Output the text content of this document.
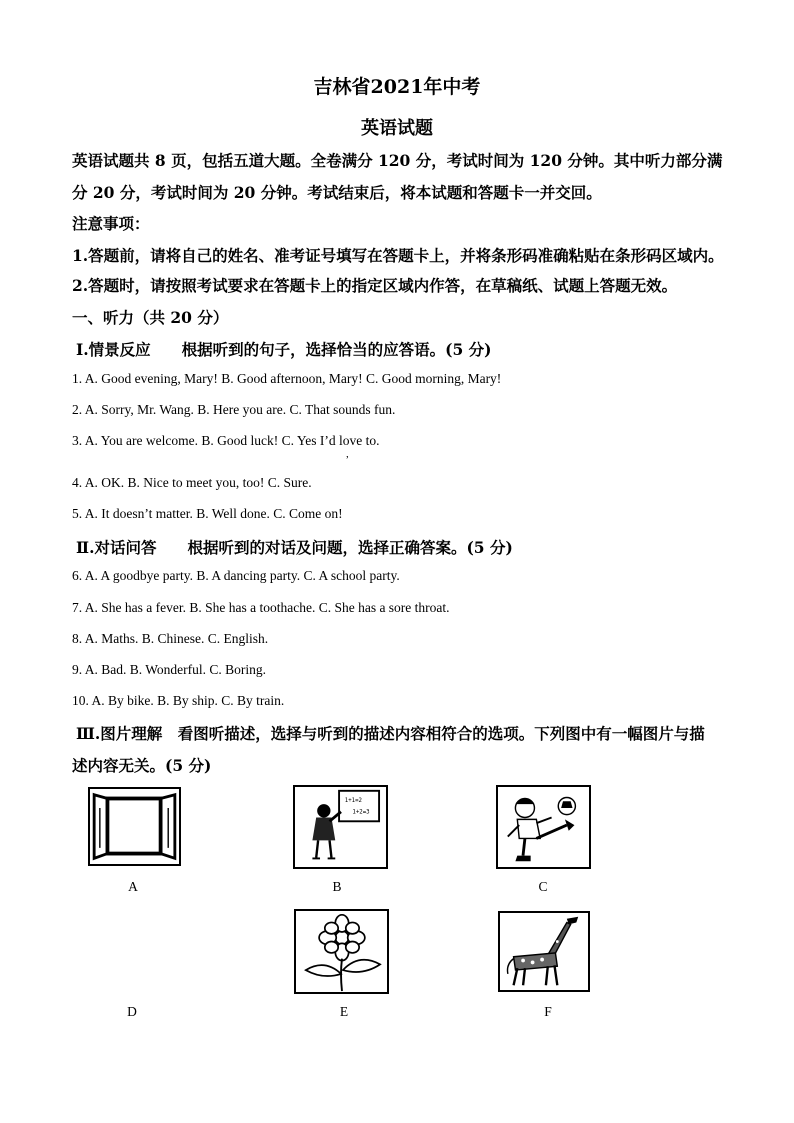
吉林省2021年中考
英语试题
英语试题共 8 页，包括五道大题。全卷满分 120 分，考试时间为 120 分钟。其中听力部分满
分 20 分，考试时间为 20 分钟。考试结束后，将本试题和答题卡一并交回。
注意事项：
1.答题前，请将自己的姓名、准考证号填写在答题卡上，并将条形码准确粘贴在条形码区域内。
2.答题时，请按照考试要求在答题卡上的指定区域内作答，在草稿纸、试题上答题无效。
一、听力（共 20 分）
Ⅰ.情景反应　　根据听到的句子，选择恰当的应答语。(5 分)
1. A. Good evening, Mary! B. Good afternoon, Mary! C. Good morning, Mary!
2. A. Sorry, Mr. Wang. B. Here you are. C. That sounds fun.
3. A. You are welcome. B. Good luck! C. Yes I’d love to.
,
4. A. OK. B. Nice to meet you, too! C. Sure.
5. A. It doesn’t matter. B. Well done. C. Come on!
Ⅱ.对话问答　　根据听到的对话及问题，选择正确答案。(5 分)
6. A. A goodbye party. B. A dancing party. C. A school party.
7. A. She has a fever. B. She has a toothache. C. She has a sore throat.
8. A. Maths. B. Chinese. C. English.
9. A. Bad. B. Wonderful. C. Boring.
10. A. By bike. B. By ship. C. By train.
Ⅲ.图片理解　看图听描述，选择与听到的描述内容相符合的选项。下列图中有一幅图片与描
述内容无关。(5 分)
A
1+1=2
1+2=3
B	C
D	E	F
